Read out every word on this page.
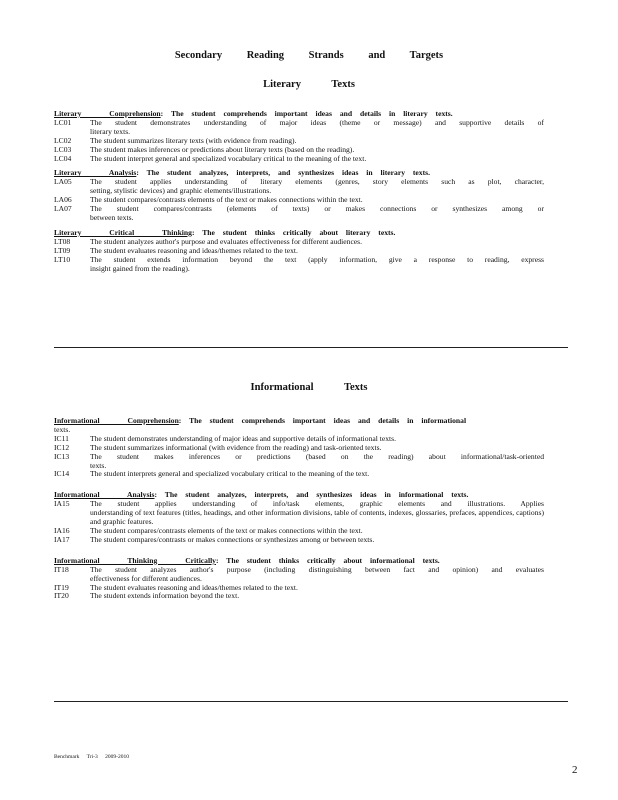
Secondary Reading Strands and Targets
Literary Texts
Literary Comprehension: The student comprehends important ideas and details in literary texts.
LC01	The student demonstrates understanding of major ideas (theme or message) and supportive details of
literary texts.
LC02	The student summarizes literary texts (with evidence from reading).
LC03	The student makes inferences or predictions about literary texts (based on the reading).
LC04	The student interpret general and specialized vocabulary critical to the meaning of the text.
Literary Analysis: The student analyzes, interprets, and synthesizes ideas in literary texts.
LA05	The student applies understanding of literary elements (genres, story elements such as plot, character,
setting, stylistic devices) and graphic elements/illustrations.
LA06	The student compares/contrasts elements of the text or makes connections within the text.
LA07	The student compares/contrasts (elements of texts) or makes connections or synthesizes among or
between texts.
Literary Critical Thinking: The student thinks critically about literary texts.
LT08	The student analyzes author's purpose and evaluates effectiveness for different audiences.
LT09	The student evaluates reasoning and ideas/themes related to the text.
LT10	The student extends information beyond the text (apply information, give a response to reading, express
insight gained from the reading).
Informational Texts
Informational Comprehension: The student comprehends important ideas and details in informational
texts.
IC11	The student demonstrates understanding of major ideas and supportive details of informational texts.
IC12	The student summarizes informational (with evidence from the reading) and task-oriented texts.
IC13	The student makes inferences or predictions (based on the reading) about informational/task-oriented
texts.
IC14	The student interprets general and specialized vocabulary critical to the meaning of the text.
Informational Analysis: The student analyzes, interprets, and synthesizes ideas in informational texts.
IA15	The student applies understanding of info/task elements, graphic elements and illustrations. Applies
understanding of text features (titles, headings, and other information divisions, table of contents, indexes, glossaries, prefaces, appendices, captions) and graphic features.
IA16	The student compares/contrasts elements of the text or makes connections within the text.
IA17	The student compares/contrasts or makes connections or synthesizes among or between texts.
Informational Thinking Critically: The student thinks critically about informational texts.
IT18	The student analyzes author's purpose (including distinguishing between fact and opinion) and evaluates
effectiveness for different audiences.
IT19	The student evaluates reasoning and ideas/themes related to the text.
IT20	The student extends information beyond the text.
Benchmark Tri-3 2009-2010
2
